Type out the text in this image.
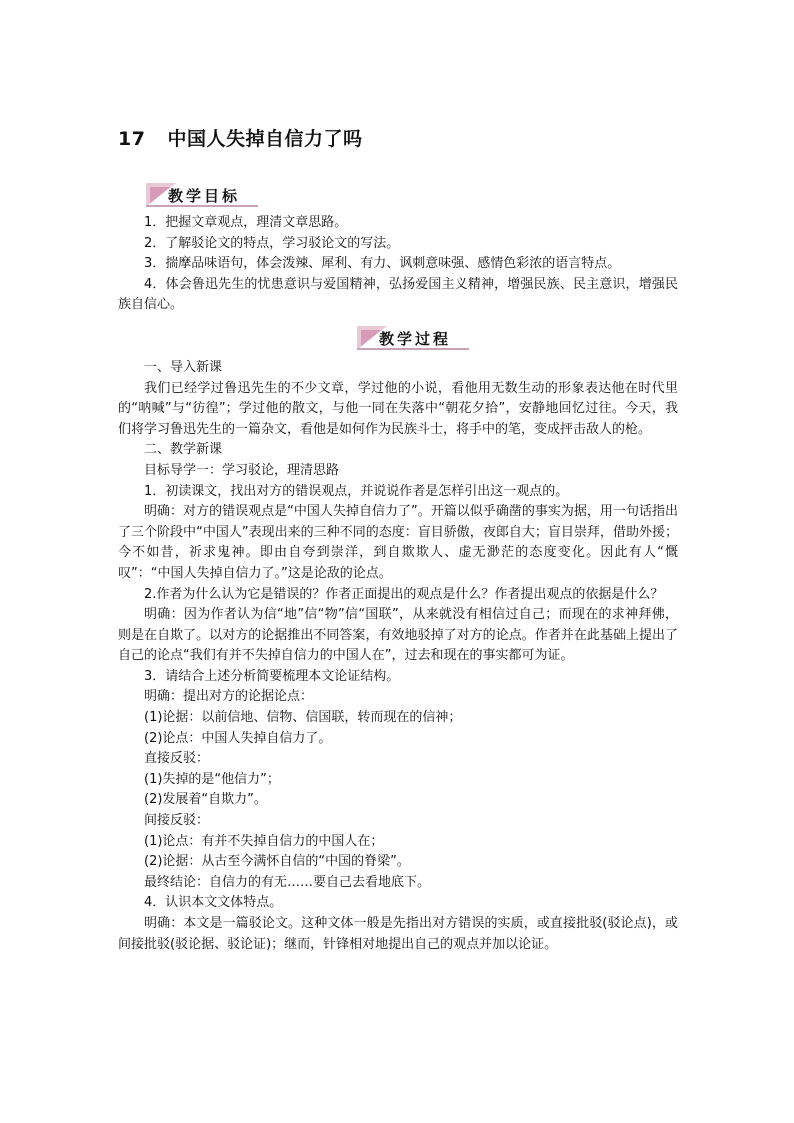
17 中国人失掉自信力了吗
教学目标
教学过程

1．把握文章观点，理清文章思路。

2．了解驳论文的特点，学习驳论文的写法。

3．揣摩品味语句，体会泼辣、犀利、有力、讽刺意味强、感情色彩浓的语言特点。

4．体会鲁迅先生的忧患意识与爱国精神，弘扬爱国主义精神，增强民族、民主意识，增强民族自信心。

一、导入新课

我们已经学过鲁迅先生的不少文章，学过他的小说，看他用无数生动的形象表达他在时代里的“呐喊”与“彷徨”；学过他的散文，与他一同在失落中“朝花夕拾”，安静地回忆过往。今天，我们将学习鲁迅先生的一篇杂文，看他是如何作为民族斗士，将手中的笔，变成抨击敌人的枪。

二、教学新课

目标导学一：学习驳论，理清思路

1．初读课文，找出对方的错误观点，并说说作者是怎样引出这一观点的。

明确：对方的错误观点是“中国人失掉自信力了”。开篇以似乎确凿的事实为据，用一句话指出了三个阶段中“中国人”表现出来的三种不同的态度：盲目骄傲，夜郎自大；盲目崇拜，借助外援；今不如昔，祈求鬼神。即由自夸到崇洋，到自欺欺人、虚无渺茫的态度变化。因此有人“慨叹”：“中国人失掉自信力了。”这是论敌的论点。

2.作者为什么认为它是错误的？作者正面提出的观点是什么？作者提出观点的依据是什么？

明确：因为作者认为信“地”信“物”信“国联”，从来就没有相信过自己；而现在的求神拜佛，则是在自欺了。以对方的论据推出不同答案，有效地驳掉了对方的论点。作者并在此基础上提出了自己的论点“我们有并不失掉自信力的中国人在”，过去和现在的事实都可为证。

3．请结合上述分析简要梳理本文论证结构。

明确：提出对方的论据论点：

(1)论据：以前信地、信物、信国联，转而现在的信神；

(2)论点：中国人失掉自信力了。

直接反驳：

(1)失掉的是“他信力”；

(2)发展着“自欺力”。

间接反驳：

(1)论点：有并不失掉自信力的中国人在；

(2)论据：从古至今满怀自信的“中国的脊梁”。

最终结论：自信力的有无……要自己去看地底下。

4．认识本文文体特点。

明确：本文是一篇驳论文。这种文体一般是先指出对方错误的实质，或直接批驳(驳论点)，或间接批驳(驳论据、驳论证)；继而，针锋相对地提出自己的观点并加以论证。
